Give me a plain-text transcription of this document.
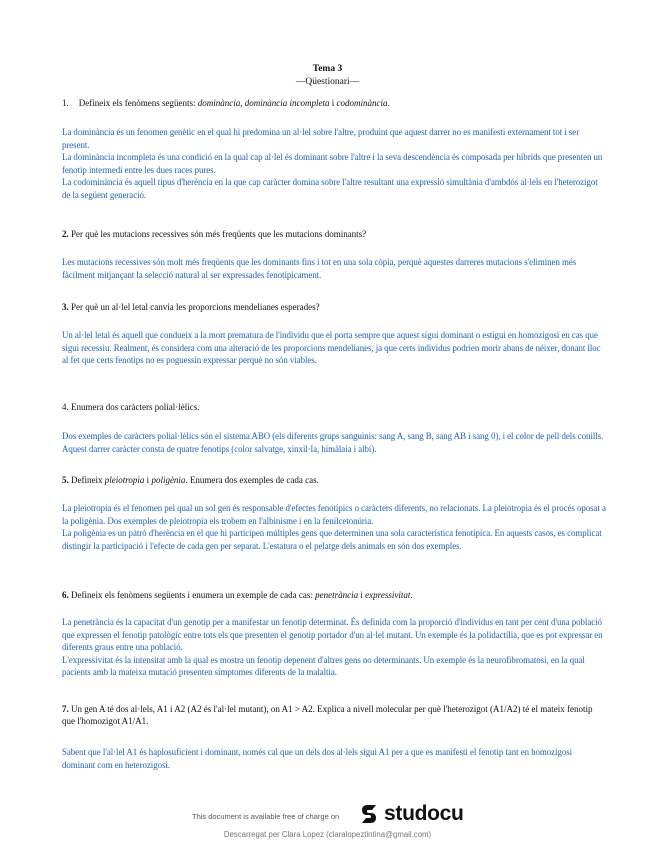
Tema 3
—Qüestionari—
1. Defineix els fenòmens següents: dominància, dominància incompleta i codominància.

La dominància és un fenomen genètic en el qual hi predomina un al·lel sobre l'altre, produint que aquest darrer no es manifesti externament tot i ser present.

La dominància incompleta és una condició en la qual cap al·lel és dominant sobre l'altre i la seva descendència és composada per híbrids que presenten un fenotip intermedi entre les dues races pures.

La codominància és aquell tipus d'herència en la que cap caràcter domina sobre l'altre resultant una expressió simultània d'ambdós al·lels en l'heterozigot de la següent generació.

2. Per què les mutacions recessives són més freqüents que les mutacions dominants?

Les mutacions recessives són molt més freqüents que les dominants fins i tot en una sola còpia, perquè aquestes darreres mutacions s'eliminen més fàcilment mitjançant la selecció natural al ser expressades fenotípicament.

3. Per què un al·lel letal canvia les proporcions mendelianes esperades?

Un al·lel letal és aquell que condueix a la mort prematura de l'individu que el porta sempre que aquest sigui dominant o estigui en homozigosi en cas que sigui recessiu. Realment, és considera com una alteració de les proporcions mendelianes, ja que certs individus podrien morir abans de néixer, donant lloc al fet que certs fenotips no es poguessin expressar perquè no són viables.

4. Enumera dos caràcters polial·lèlics.

Dos exemples de caràcters polial·lèlics són el sistema ABO (els diferents grups sanguinis: sang A, sang B, sang AB i sang 0), i el color de pell dels conills. Aquest darrer caràcter consta de quatre fenotips (color salvatge, xinxil·la, himàlaia i albí).

5. Defineix pleiotropia i poligènia. Enumera dos exemples de cada cas.

La pleiotropia és el fenomen pel qual un sol gen és responsable d'efectes fenotípics o caràcters diferents, no relacionats. La pleiotropia és el procés oposat a la poligènia. Dos exemples de pleiotropia els trobem en l'albinisme i en la fenilcetonúria.

La poligènia es un pàtró d'herència en el que hi participen múltiples gens que determinen una sola característica fenotípica. En aquests casos, es complicat distingir la participació i l'efecte de cada gen per separat. L'estatura o el pelatge dels animals en són dos exemples.

6. Defineix els fenòmens següents i enumera un exemple de cada cas: penetrància i expressivitat.

La penetrància és la capacitat d'un genotip per a manifestar un fenotip determinat. És definida com la proporció d'individus en tant per cent d'una població que expressen el fenotip patològic entre tots els que presenten el genotip portador d'un al·lel mutant. Un exemple és la polidactília, que es pot expressar en diferents graus entre una població.

L'expressivitat és la intensitat amb la qual es mostra un fenotip depenent d'altres gens no determinants. Un exemple és la neurofibromatosi, en la qual pacients amb la mateixa mutació presenten símptomes diferents de la malaltia.

7. Un gen A té dos al·lels, A1 i A2 (A2 és l'al·lel mutant), on A1 > A2. Explica a nivell molecular per què l'heterozigot (A1/A2) té el mateix fenotip que l'homozigot A1/A1.

Sabent que l'al·lel A1 és haplosuficient i dominant, només cal que un dels dos al·lels sigui A1 per a que es manifesti el fenotip tant en homozigosi dominant com en heterozigosi.

This document is available free of charge on studocu
Descarregat per Clara Lopez (claralopeztintina@gmail.com)
